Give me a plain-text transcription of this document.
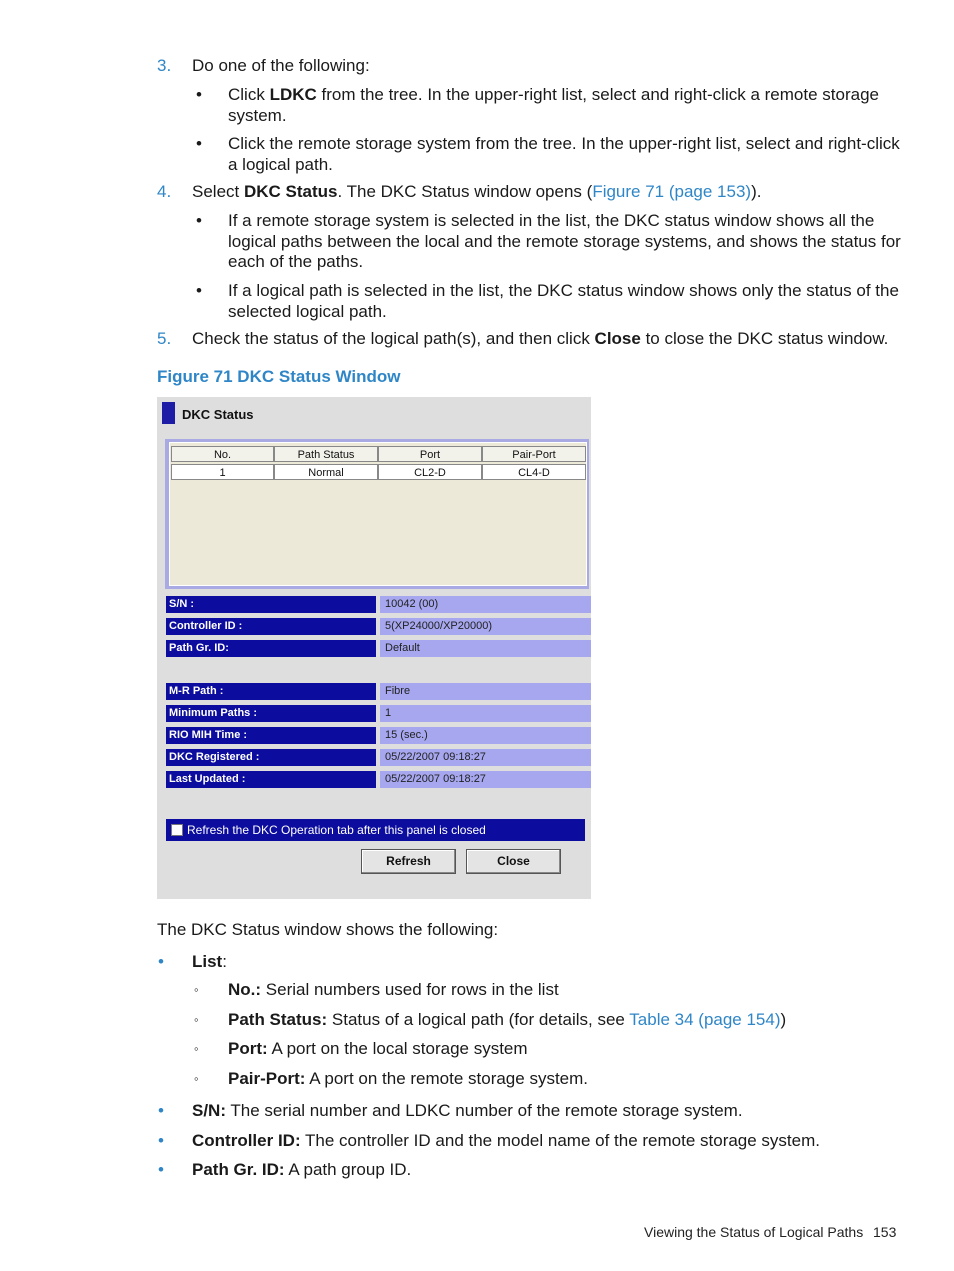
3. Do one of the following:
• Click LDKC from the tree. In the upper-right list, select and right-click a remote storage
system.
• Click the remote storage system from the tree. In the upper-right list, select and right-click
a logical path.
4. Select DKC Status. The DKC Status window opens (Figure 71 (page 153)).
• If a remote storage system is selected in the list, the DKC status window shows all the
logical paths between the local and the remote storage systems, and shows the status for
each of the paths.
• If a logical path is selected in the list, the DKC status window shows only the status of the
selected logical path.
5. Check the status of the logical path(s), and then click Close to close the DKC status window.
Figure 71 DKC Status Window
DKC Status
No.	Path Status	Port	Pair-Port
1	Normal	CL2-D	CL4-D
S/N :	10042 (00)
Controller ID :	5(XP24000/XP20000)
Path Gr. ID:	Default
M-R Path :	Fibre
Minimum Paths :	1
RIO MIH Time :	15 (sec.)
DKC Registered :	05/22/2007 09:18:27
Last Updated :	05/22/2007 09:18:27
Refresh the DKC Operation tab after this panel is closed
Refresh	Close
The DKC Status window shows the following:
• List:
◦ No.: Serial numbers used for rows in the list
◦ Path Status: Status of a logical path (for details, see Table 34 (page 154))
◦ Port: A port on the local storage system
◦ Pair-Port: A port on the remote storage system.
• S/N: The serial number and LDKC number of the remote storage system.
• Controller ID: The controller ID and the model name of the remote storage system.
• Path Gr. ID: A path group ID.
Viewing the Status of Logical Paths 153
